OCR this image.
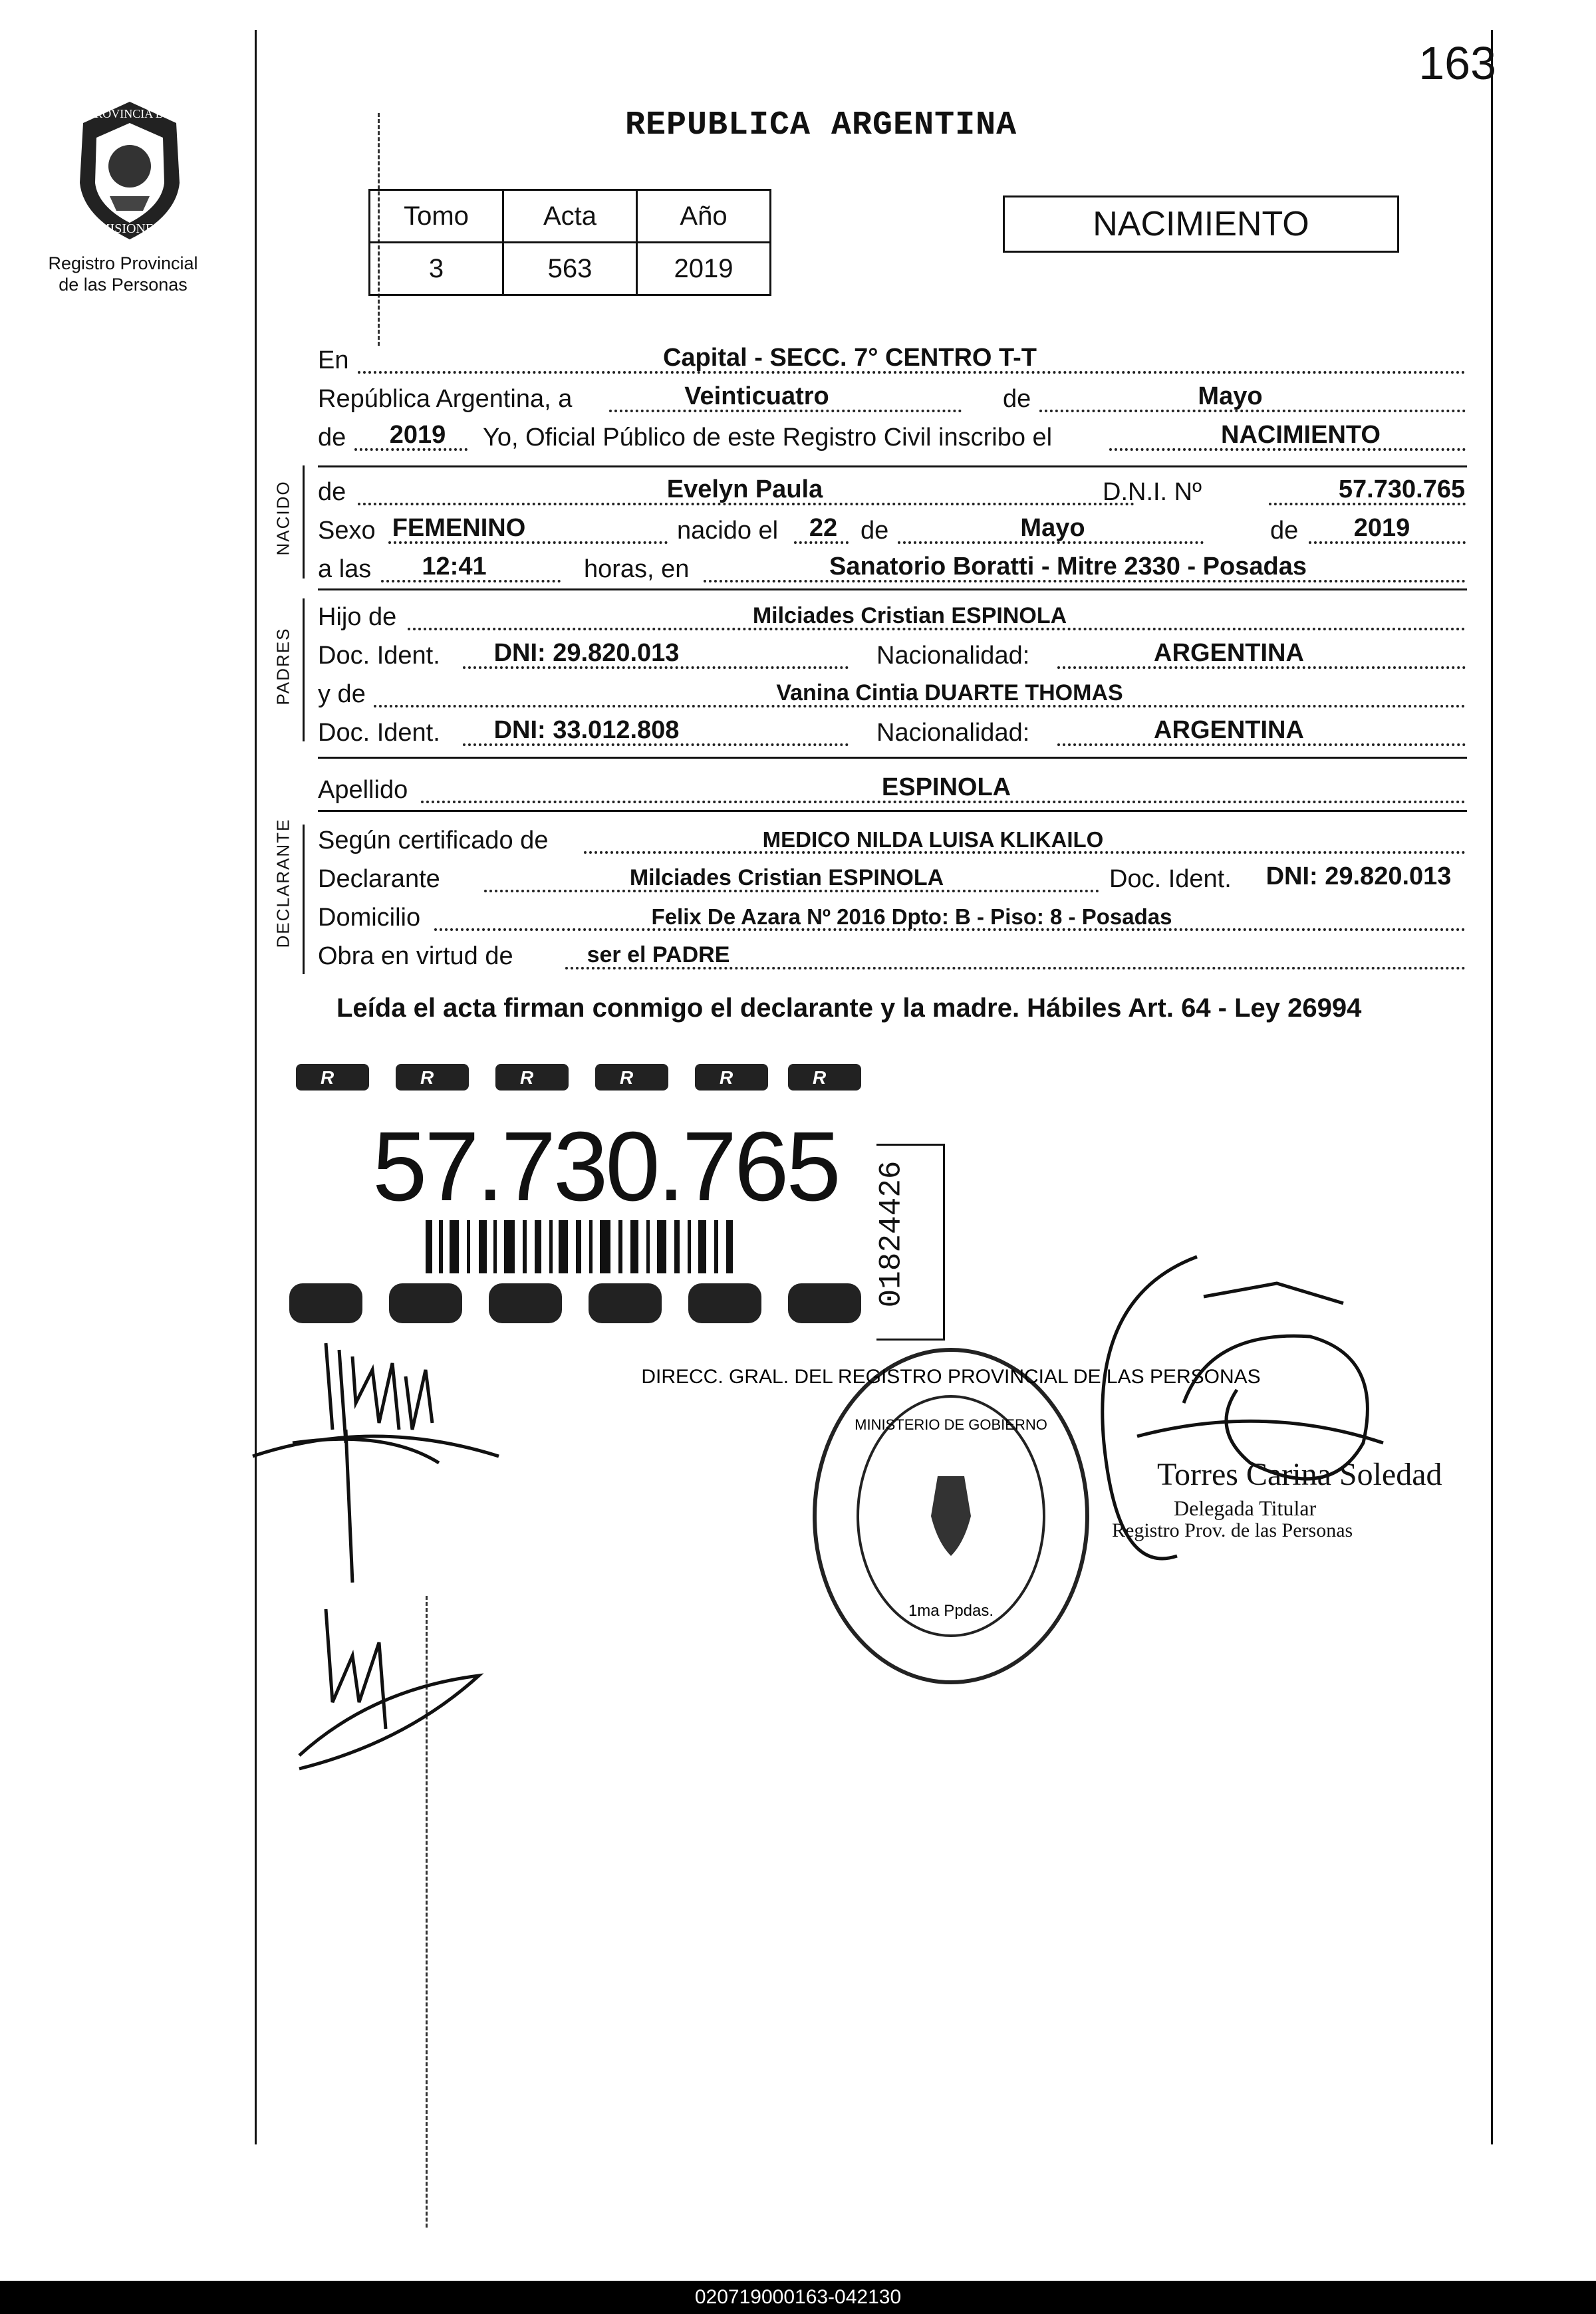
163
REPUBLICA ARGENTINA
PROVINCIA DE
MISIONES
Registro Provincial
de las Personas
Tomo	Acta	Año
3	563	2019
NACIMIENTO
En	Capital - SECC. 7° CENTRO T-T
República Argentina, a	Veinticuatro	de	Mayo
de 2019 Yo, Oficial Público de este Registro Civil inscribo el	NACIMIENTO
NACIDO de	Evelyn Paula	D.N.I. Nº	57.730.765
Sexo FEMENINO	nacido el 22 de	Mayo	de 2019
a las 12:41	horas, en	Sanatorio Boratti - Mitre 2330 - Posadas
PADRES
Hijo de	Milciades Cristian ESPINOLA
Doc. Ident. DNI: 29.820.013	Nacionalidad:	ARGENTINA
y de	Vanina Cintia DUARTE THOMAS
Doc. Ident. DNI: 33.012.808	Nacionalidad:	ARGENTINA
Apellido	ESPINOLA
DECLARANTE Según certificado de	MEDICO NILDA LUISA KLIKAILO
Declarante	Milciades Cristian ESPINOLA	Doc. Ident. DNI: 29.820.013
Domicilio	Felix De Azara Nº 2016 Dpto: B - Piso: 8 - Posadas
Obra en virtud de	ser el PADRE
Leída el acta firman conmigo el declarante y la madre. Hábiles Art. 64 - Ley 26994
R	R	R	R	R	R
57.730.765 01824426
DIRECC. GRAL. DEL REGISTRO PROVINCIAL DE LAS PERSONAS
MINISTERIO DE GOBIERNO
1ma Ppdas.
Torres Carina Soledad
Delegada Titular
Registro Prov. de las Personas
020719000163-042130
